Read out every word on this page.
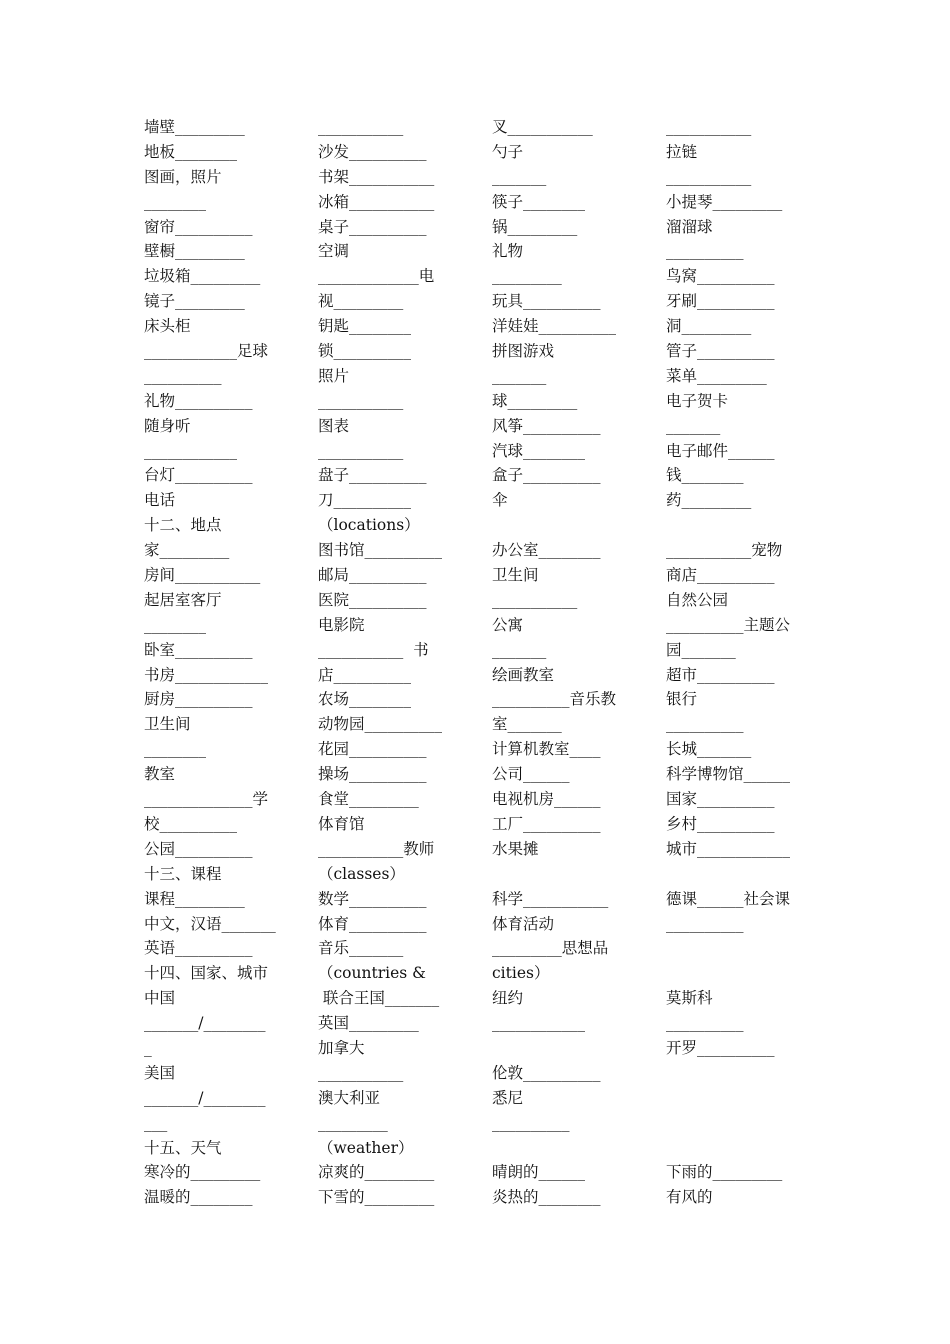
墙壁_________
地板________
图画，照片
________
窗帘__________
壁橱_________
垃圾箱_________
镜子_________
床头柜
____________足球
__________
礼物__________
随身听
____________
台灯__________
电话
十二、地点
家_________
房间___________
起居室客厅
________
卧室__________
书房____________
厨房__________
卫生间
________
教室
______________学
校__________
公园__________
十三、课程
课程_________
中文，汉语_______
英语__________
十四、国家、城市
中国
_______/________
_
美国
_______/________
___
十五、天气
寒冷的_________
温暖的________
___________
沙发__________
书架___________
冰箱___________
桌子__________
空调
_____________电
视_________
钥匙________
锁__________
照片
___________
图表
___________
盘子__________
刀__________
（locations）
图书馆__________
邮局__________
医院__________
电影院
___________  书
店__________
农场________
动物园__________
花园__________
操场__________
食堂_________
体育馆
___________教师
（classes）
数学__________
体育__________
音乐_______
（countries &
联合王国_______
英国_________
加拿大
___________
澳大利亚
_________
（weather）
凉爽的_________
下雪的_________
叉___________
勺子
_______
筷子________
锅_________
礼物
_________
玩具__________
洋娃娃__________
拼图游戏
_______
球_________
风筝__________
汽球________
盒子__________
伞
办公室________
卫生间
___________
公寓
_______
绘画教室
__________音乐教
室_______
计算机教室____
公司______
电视机房______
工厂__________
水果摊
科学___________
体育活动
_________思想品
cities）
纽约
____________
伦敦__________
悉尼
__________
晴朗的______
炎热的________
___________
拉链
___________
小提琴_________
溜溜球
__________
鸟窝__________
牙刷__________
洞_________
管子__________
菜单_________
电子贺卡
_______
电子邮件______
钱________
药_________
___________宠物
商店__________
自然公园
__________主题公
园_______
超市__________
银行
__________
长城_______
科学博物馆______
国家__________
乡村__________
城市____________
德课______社会课
__________
莫斯科
__________
开罗__________
下雨的_________
有风的
